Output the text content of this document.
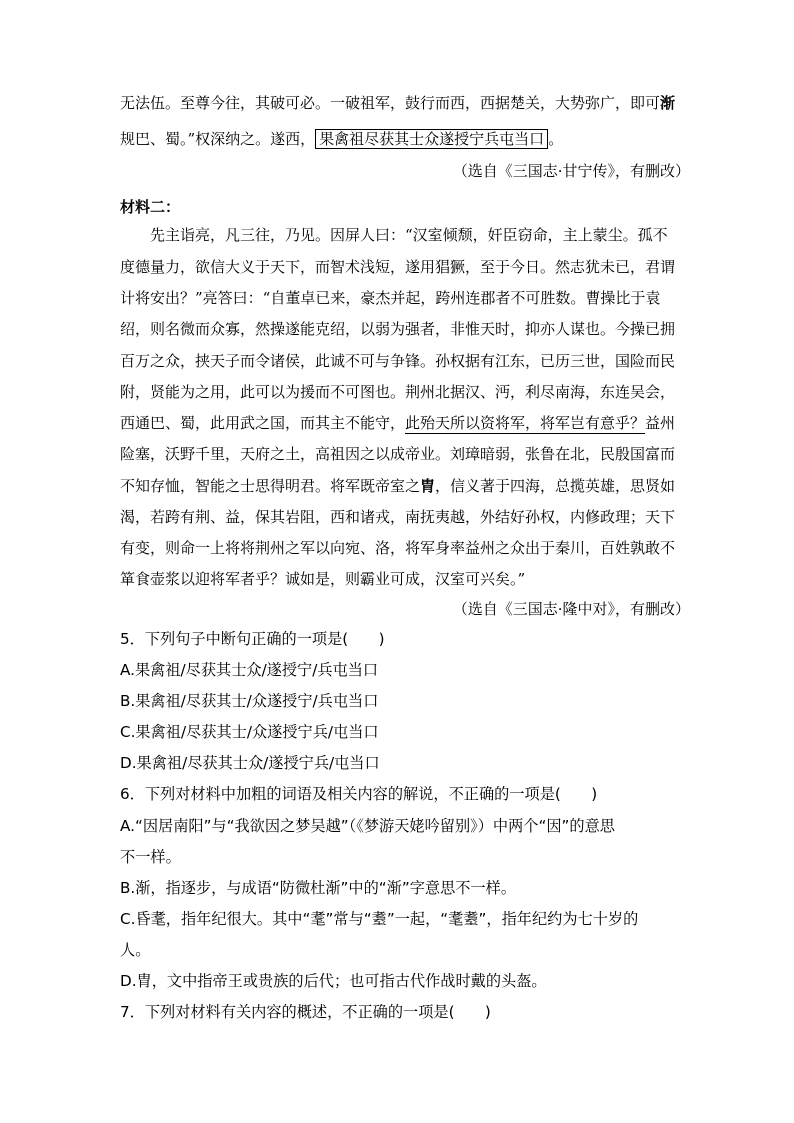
无法伍。至尊今往，其破可必。一破祖军，鼓行而西，西据楚关，大势弥广，即可渐
规巴、蜀。”权深纳之。遂西， 果禽祖尽获其士众遂授宁兵屯当口 。
（选自《三国志·甘宁传》，有删改）
材料二：
先主诣亮，凡三往，乃见。因屏人曰：“汉室倾颓，奸臣窃命，主上蒙尘。孤不
度德量力，欲信大义于天下，而智术浅短，遂用猖獗，至于今日。然志犹未已，君谓
计将安出？”亮答曰：“自董卓已来，豪杰并起，跨州连郡者不可胜数。曹操比于袁
绍，则名微而众寡，然操遂能克绍，以弱为强者，非惟天时，抑亦人谋也。今操已拥
百万之众，挟天子而令诸侯，此诚不可与争锋。孙权据有江东，已历三世，国险而民
附，贤能为之用，此可以为援而不可图也。荆州北据汉、沔，利尽南海，东连吴会，
西通巴、蜀，此用武之国，而其主不能守，此殆天所以资将军，将军岂有意乎？益州
险塞，沃野千里，天府之土，高祖因之以成帝业。刘璋暗弱，张鲁在北，民殷国富而
不知存恤，智能之士思得明君。将军既帝室之胄，信义著于四海，总揽英雄，思贤如
渴，若跨有荆、益，保其岩阻，西和诸戎，南抚夷越，外结好孙权，内修政理；天下
有变，则命一上将将荆州之军以向宛、洛，将军身率益州之众出于秦川，百姓孰敢不
箪食壶浆以迎将军者乎？诚如是，则霸业可成，汉室可兴矣。”
（选自《三国志·隆中对》，有删改）
5．下列句子中断句正确的一项是(　　)
A.果禽祖/尽获其士众/遂授宁/兵屯当口
B.果禽祖/尽获其士/众遂授宁/兵屯当口
C.果禽祖/尽获其士/众遂授宁兵/屯当口
D.果禽祖/尽获其士众/遂授宁兵/屯当口
6．下列对材料中加粗的词语及相关内容的解说，不正确的一项是(　　)
A.“因居南阳”与“我欲因之梦吴越”（《梦游天姥吟留别》）中两个“因”的意思
不一样。
B.渐，指逐步，与成语“防微杜渐”中的“渐”字意思不一样。
C.昏耄，指年纪很大。其中“耄”常与“耋”一起，“耄耋”，指年纪约为七十岁的
人。
D.胄，文中指帝王或贵族的后代；也可指古代作战时戴的头盔。
7．下列对材料有关内容的概述，不正确的一项是(　　)
